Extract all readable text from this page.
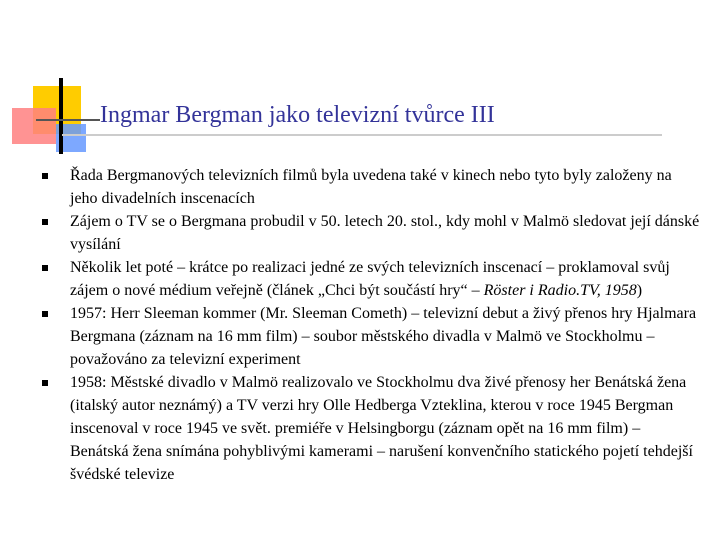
Ingmar Bergman jako televizní tvůrce III
Řada Bergmanových televizních filmů byla uvedena také v kinech nebo tyto byly založeny na jeho divadelních inscenacích
Zájem o TV se o Bergmana probudil v 50. letech 20. stol., kdy mohl v Malmö sledovat její dánské vysílání
Několik let poté – krátce po realizaci jedné ze svých televizních inscenací – proklamoval svůj zájem o nové médium veřejně (článek „Chci být součástí hry“ – Röster i Radio.TV, 1958)
1957: Herr Sleeman kommer (Mr. Sleeman Cometh) – televizní debut a živý přenos hry Hjalmara Bergmana (záznam na 16 mm film) – soubor městského divadla v Malmö ve Stockholmu – považováno za televizní experiment
1958: Městské divadlo v Malmö realizovalo ve Stockholmu dva živé přenosy her Benátská žena (italský autor neznámý) a TV verzi hry Olle Hedberga Vzteklina, kterou v roce 1945 Bergman inscenoval v roce 1945 ve svět. premiéře v Helsingborgu (záznam opět na 16 mm film) – Benátská žena snímána pohyblivými kamerami – narušení konvenčního statického pojetí tehdejší švédské televize
